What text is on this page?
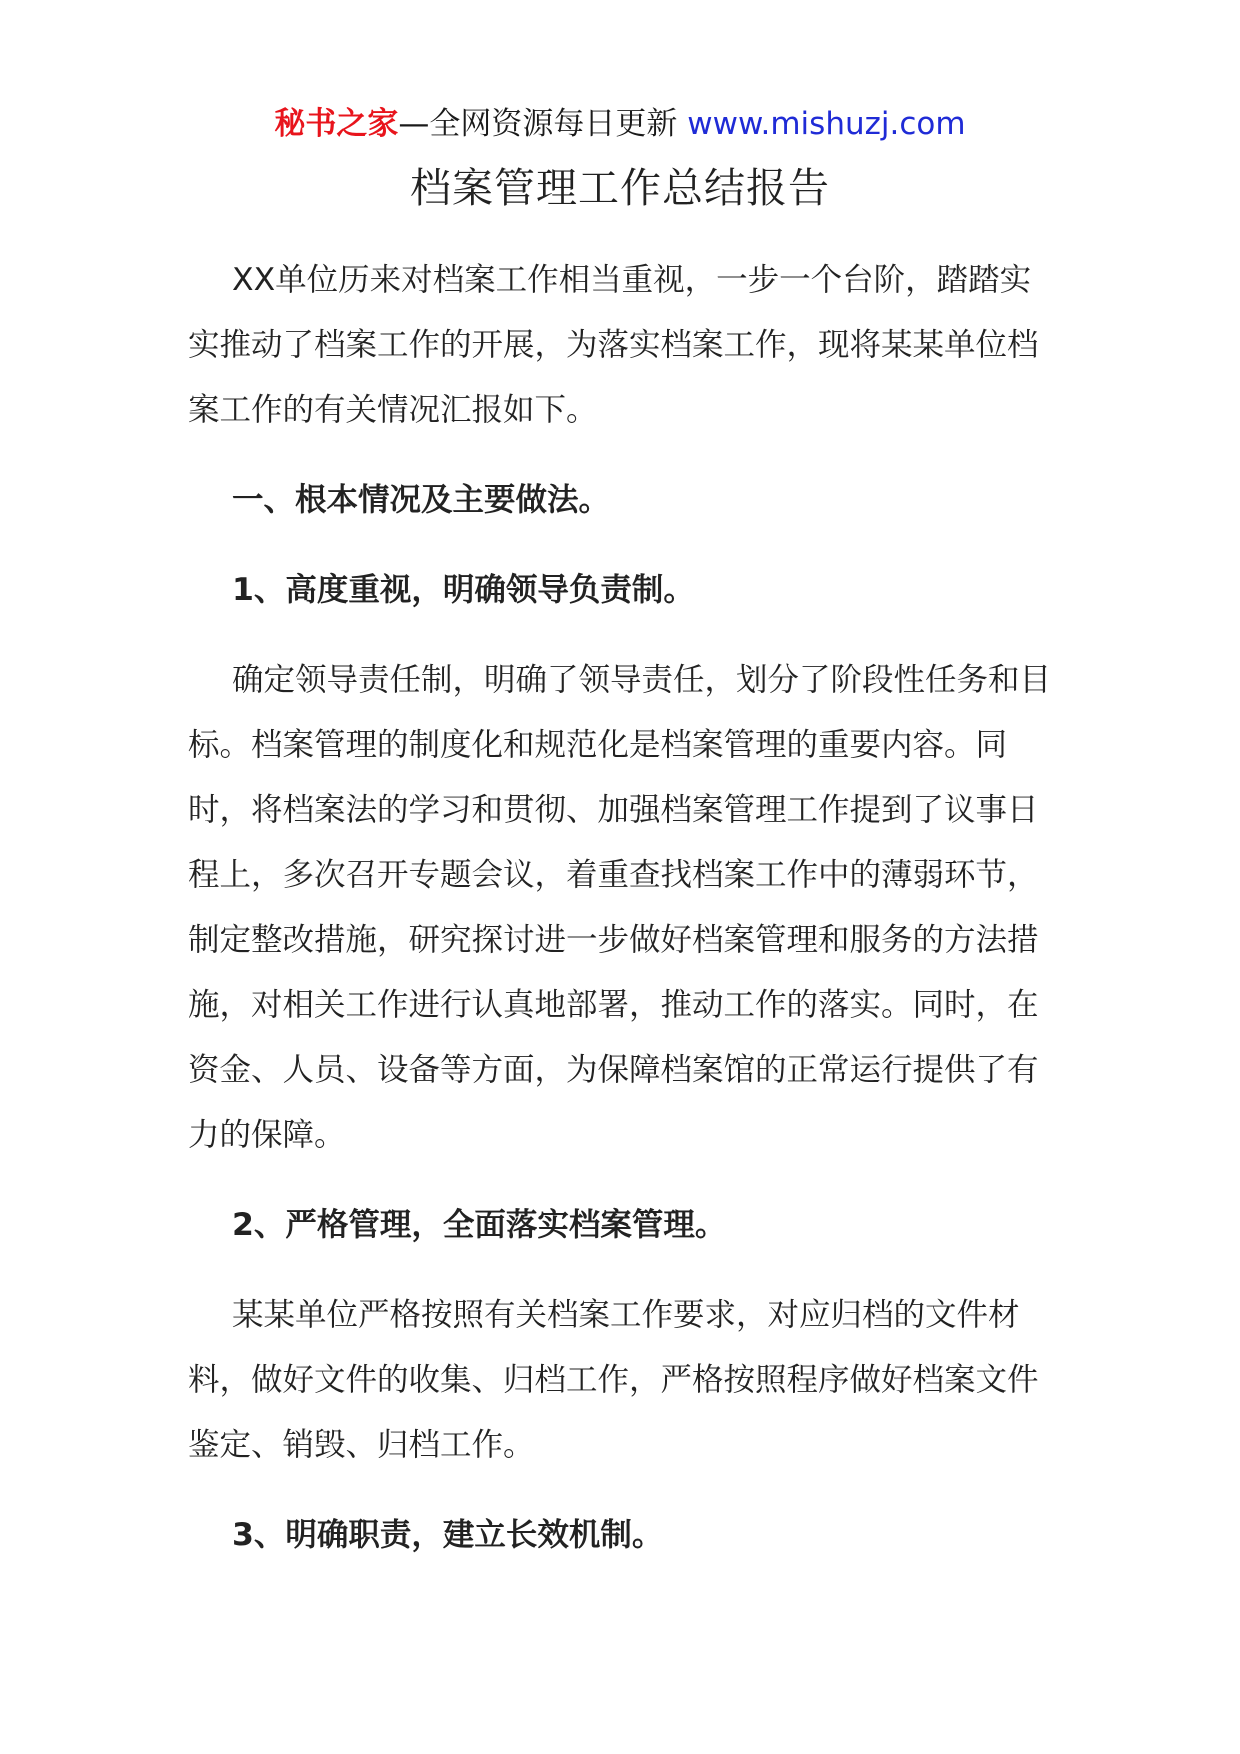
秘书之家—全网资源每日更新 www.mishuzj.com
档案管理工作总结报告

XX单位历来对档案工作相当重视，一步一个台阶，踏踏实实推动了档案工作的开展，为落实档案工作，现将某某单位档案工作的有关情况汇报如下。

一、根本情况及主要做法。

1、高度重视，明确领导负责制。

确定领导责任制，明确了领导责任，划分了阶段性任务和目标。档案管理的制度化和规范化是档案管理的重要内容。同时，将档案法的学习和贯彻、加强档案管理工作提到了议事日程上，多次召开专题会议，着重查找档案工作中的薄弱环节，制定整改措施，研究探讨进一步做好档案管理和服务的方法措施，对相关工作进行认真地部署，推动工作的落实。同时，在资金、人员、设备等方面，为保障档案馆的正常运行提供了有力的保障。

2、严格管理，全面落实档案管理。

某某单位严格按照有关档案工作要求，对应归档的文件材料，做好文件的收集、归档工作，严格按照程序做好档案文件鉴定、销毁、归档工作。

3、明确职责，建立长效机制。
